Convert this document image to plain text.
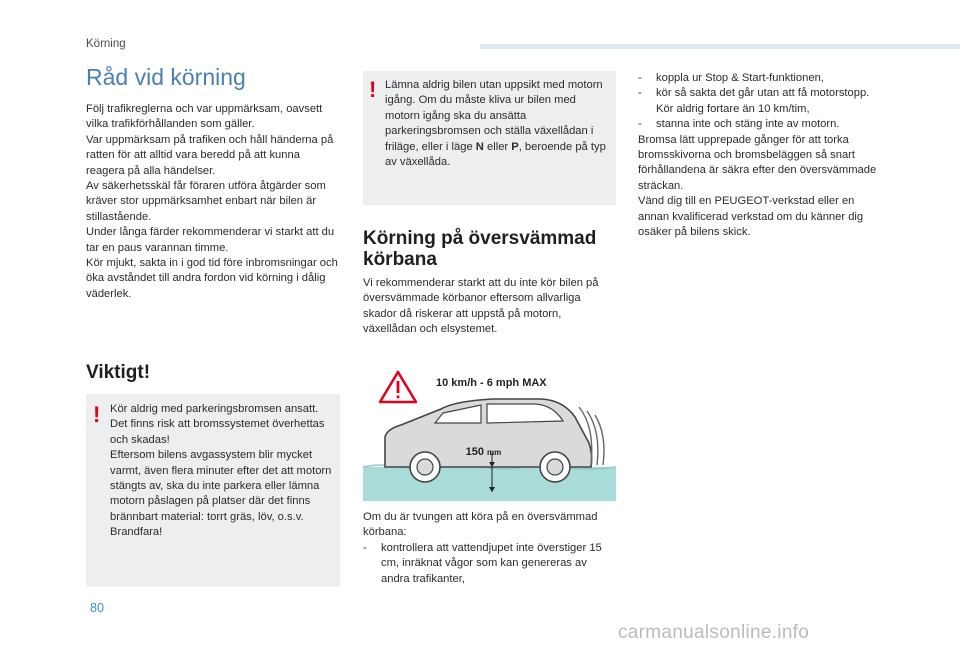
Körning
Råd vid körning

Följ trafikreglerna och var uppmärksam, oavsett vilka trafikförhållanden som gäller.

Var uppmärksam på trafiken och håll händerna på ratten för att alltid vara beredd på att kunna reagera på alla händelser.

Av säkerhetsskäl får föraren utföra åtgärder som kräver stor uppmärksamhet enbart när bilen är stillastående.

Under långa färder rekommenderar vi starkt att du tar en paus varannan timme.

Kör mjukt, sakta in i god tid före inbromsningar och öka avståndet till andra fordon vid körning i dålig väderlek.

Viktigt!
! Kör aldrig med parkeringsbromsen ansatt. Det finns risk att bromssystemet överhettas och skadas!

Eftersom bilens avgassystem blir mycket varmt, även flera minuter efter det att motorn stängts av, ska du inte parkera eller lämna motorn påslagen på platser där det finns brännbart material: torrt gräs, löv, o.s.v. Brandfara!

! Lämna aldrig bilen utan uppsikt med motorn igång. Om du måste kliva ur bilen med motorn igång ska du ansätta parkeringsbromsen och ställa växellådan i friläge, eller i läge N eller P, beroende på typ av växellåda.
Körning på översvämmad körbana
Vi rekommenderar starkt att du inte kör bilen på översvämmade körbanor eftersom allvarliga skador då riskerar att uppstå på motorn, växellådan och elsystemet.
10 km/h - 6 mph MAX
150 mm

Om du är tvungen att köra på en översvämmad körbana:

-	kontrollera att vattendjupet inte överstiger 15 cm, inräknat vågor som kan genereras av andra trafikanter,
-	koppla ur Stop & Start-funktionen,
-	kör så sakta det går utan att få motorstopp.
Kör aldrig fortare än 10 km/tim,
-	stanna inte och stäng inte av motorn.

Bromsa lätt upprepade gånger för att torka bromsskivorna och bromsbeläggen så snart förhållandena är säkra efter den översvämmade sträckan.

Vänd dig till en PEUGEOT-verkstad eller en annan kvalificerad verkstad om du känner dig osäker på bilens skick.

80
carmanualsonline.info
